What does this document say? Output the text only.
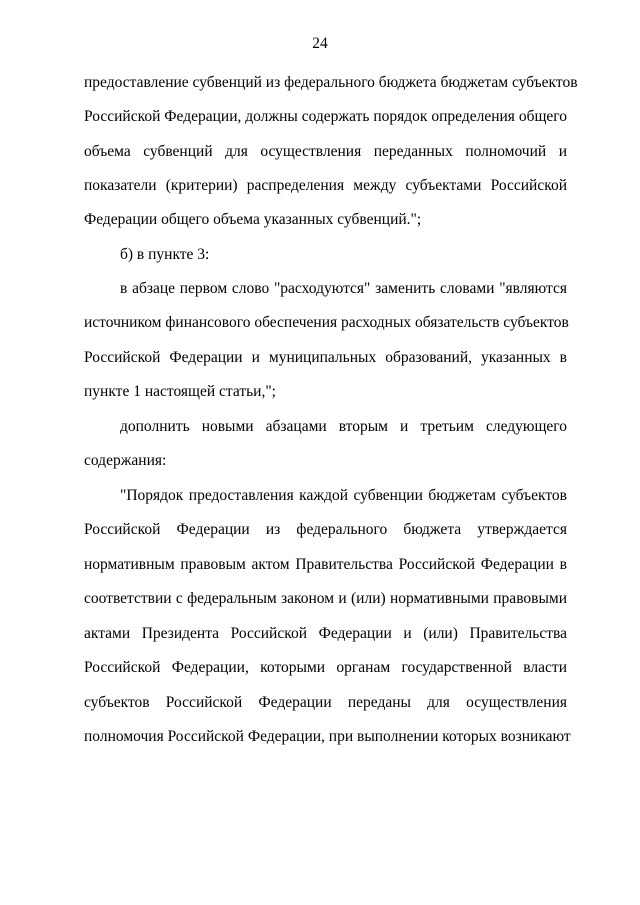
24
предоставление субвенций из федерального бюджета бюджетам субъектов
Российской Федерации, должны содержать порядок определения общего
объема субвенций для осуществления переданных полномочий и
показатели (критерии) распределения между субъектами Российской
Федерации общего объема указанных субвенций.";
б) в пункте 3:
в абзаце первом слово "расходуются" заменить словами "являются
источником финансового обеспечения расходных обязательств субъектов
Российской Федерации и муниципальных образований, указанных в
пункте 1 настоящей статьи,";
дополнить новыми абзацами вторым и третьим следующего
содержания:
"Порядок предоставления каждой субвенции бюджетам субъектов
Российской Федерации из федерального бюджета утверждается
нормативным правовым актом Правительства Российской Федерации в
соответствии с федеральным законом и (или) нормативными правовыми
актами Президента Российской Федерации и (или) Правительства
Российской Федерации, которыми органам государственной власти
субъектов Российской Федерации переданы для осуществления
полномочия Российской Федерации, при выполнении которых возникают
